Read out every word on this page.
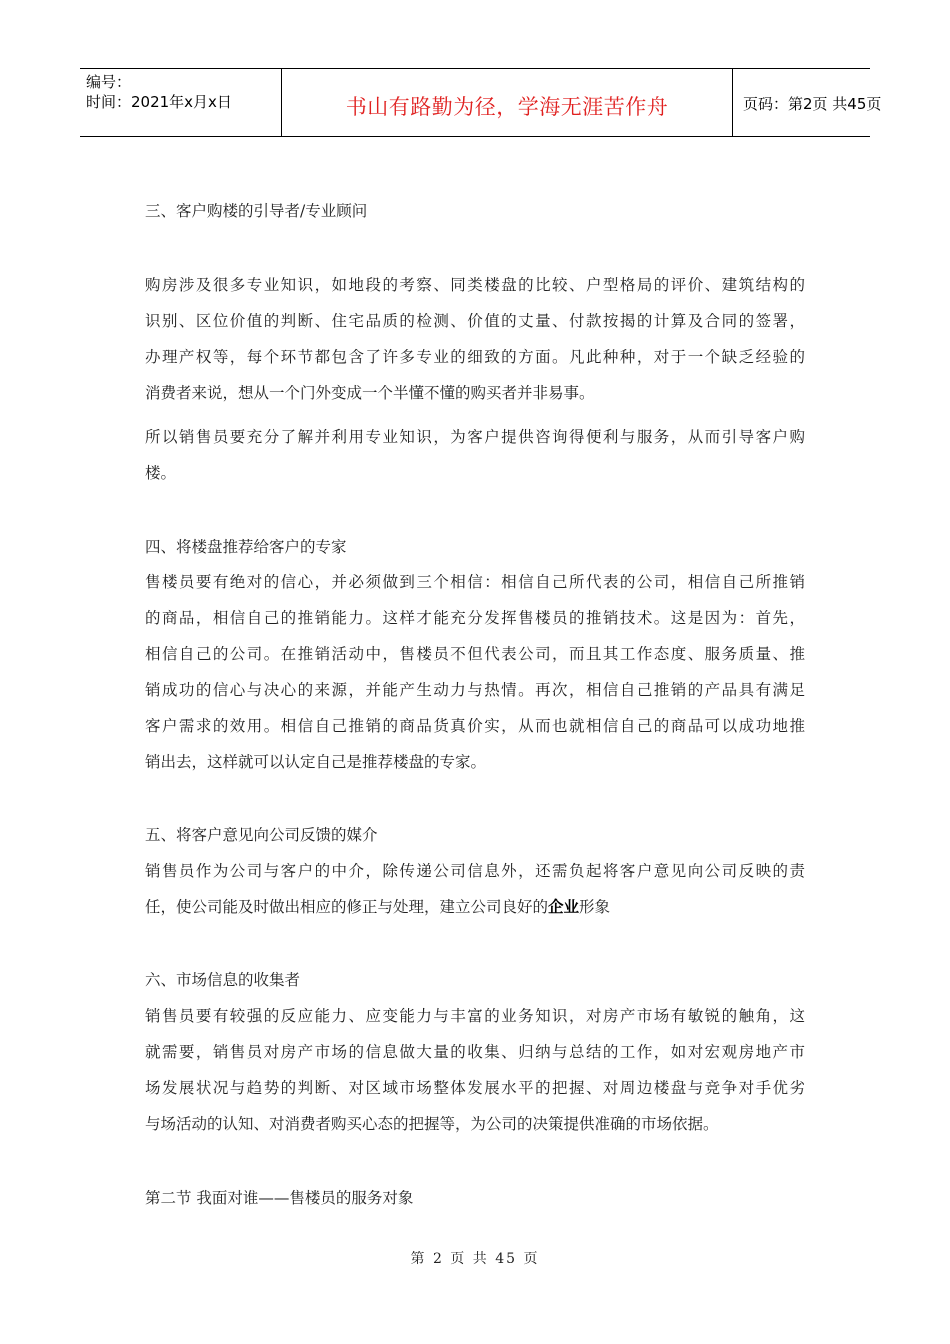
编号：
时间：2021年x月x日	书山有路勤为径，学海无涯苦作舟	页码：第2页 共45页
三、客户购楼的引导者/专业顾问
购房涉及很多专业知识，如地段的考察、同类楼盘的比较、户型格局的评价、建筑结构的
识别、区位价值的判断、住宅品质的检测、价值的丈量、付款按揭的计算及合同的签署，
办理产权等，每个环节都包含了许多专业的细致的方面。凡此种种，对于一个缺乏经验的
消费者来说，想从一个门外变成一个半懂不懂的购买者并非易事。
所以销售员要充分了解并利用专业知识，为客户提供咨询得便利与服务，从而引导客户购
楼。
四、将楼盘推荐给客户的专家
售楼员要有绝对的信心，并必须做到三个相信：相信自己所代表的公司，相信自己所推销
的商品，相信自己的推销能力。这样才能充分发挥售楼员的推销技术。这是因为：首先，
相信自己的公司。在推销活动中，售楼员不但代表公司，而且其工作态度、服务质量、推
销成功的信心与决心的来源，并能产生动力与热情。再次，相信自己推销的产品具有满足
客户需求的效用。相信自己推销的商品货真价实，从而也就相信自己的商品可以成功地推
销出去，这样就可以认定自己是推荐楼盘的专家。
五、将客户意见向公司反馈的媒介
销售员作为公司与客户的中介，除传递公司信息外，还需负起将客户意见向公司反映的责
任，使公司能及时做出相应的修正与处理，建立公司良好的企业形象
六、市场信息的收集者
销售员要有较强的反应能力、应变能力与丰富的业务知识，对房产市场有敏锐的触角，这
就需要，销售员对房产市场的信息做大量的收集、归纳与总结的工作，如对宏观房地产市
场发展状况与趋势的判断、对区域市场整体发展水平的把握、对周边楼盘与竞争对手优劣
与场活动的认知、对消费者购买心态的把握等，为公司的决策提供准确的市场依据。
第二节 我面对谁——售楼员的服务对象
第 2 页 共 45 页
